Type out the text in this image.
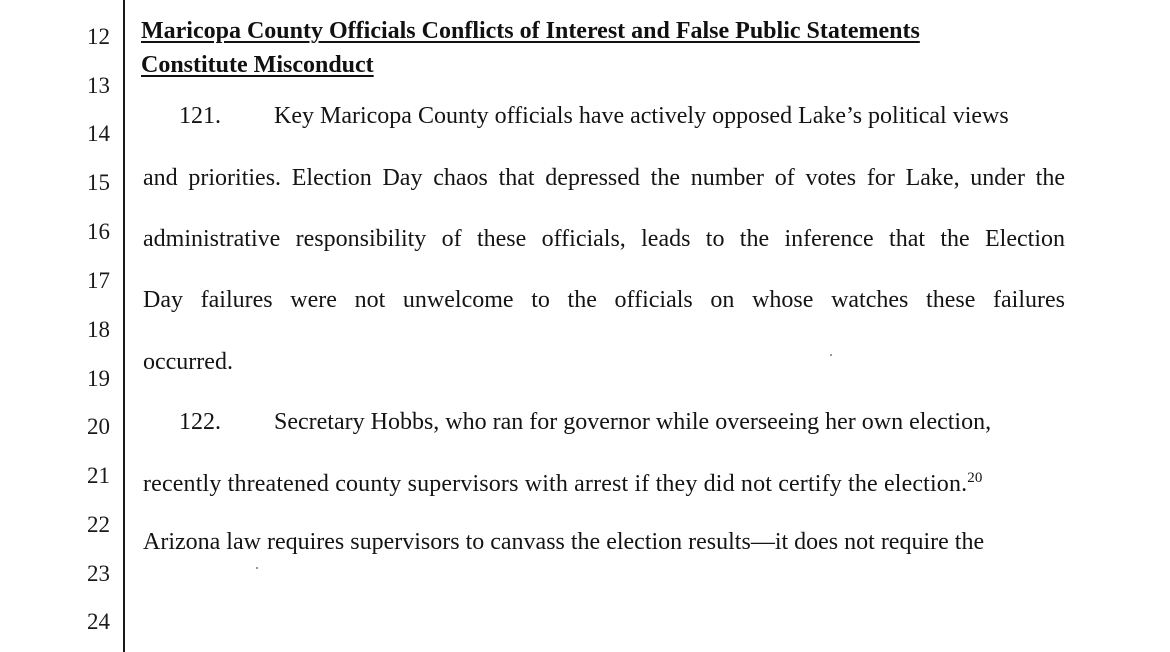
12
13
14
15
16
17
18
19
20
21
22
23
24
Maricopa County Officials Conflicts of Interest and False Public Statements
Constitute Misconduct
121. Key Maricopa County officials have actively opposed Lake’s political views
and priorities. Election Day chaos that depressed the number of votes for Lake, under the
administrative responsibility of these officials, leads to the inference that the Election
Day failures were not unwelcome to the officials on whose watches these failures
occurred.
122. Secretary Hobbs, who ran for governor while overseeing her own election,
recently threatened county supervisors with arrest if they did not certify the election.$^{20}$
Arizona law requires supervisors to canvass the election results—it does not require the
